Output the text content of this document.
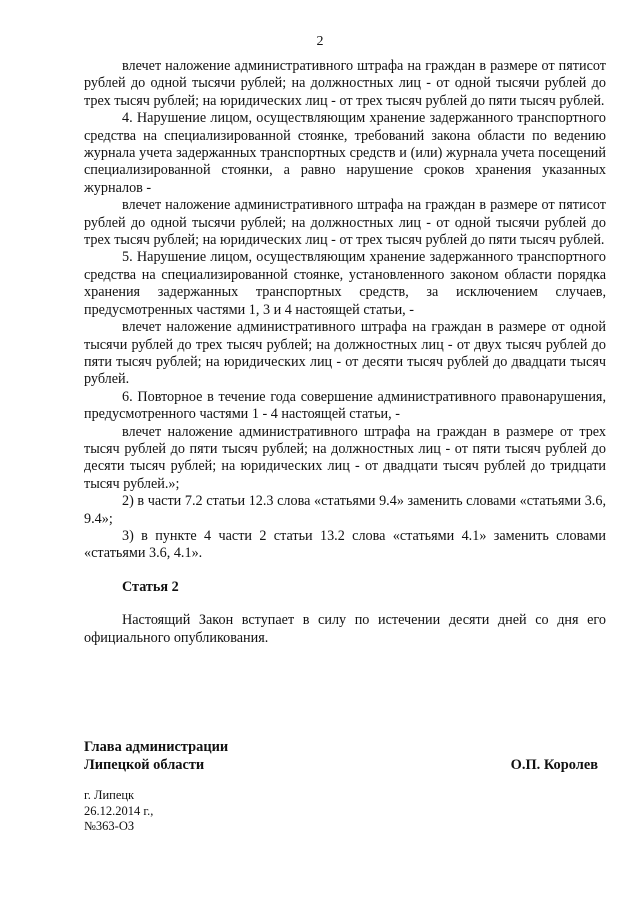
2

влечет наложение административного штрафа на граждан в размере от пятисот рублей до одной тысячи рублей; на должностных лиц - от одной тысячи рублей до трех тысяч рублей; на юридических лиц - от трех тысяч рублей до пяти тысяч рублей.

4. Нарушение лицом, осуществляющим хранение задержанного транспортного средства на специализированной стоянке, требований закона области по ведению журнала учета задержанных транспортных средств и (или) журнала учета посещений специализированной стоянки, а равно нарушение сроков хранения указанных журналов -

влечет наложение административного штрафа на граждан в размере от пятисот рублей до одной тысячи рублей; на должностных лиц - от одной тысячи рублей до трех тысяч рублей; на юридических лиц - от трех тысяч рублей до пяти тысяч рублей.

5. Нарушение лицом, осуществляющим хранение задержанного транспортного средства на специализированной стоянке, установленного законом области порядка хранения задержанных транспортных средств, за исключением случаев, предусмотренных частями 1, 3 и 4 настоящей статьи, -

влечет наложение административного штрафа на граждан в размере от одной тысячи рублей до трех тысяч рублей; на должностных лиц - от двух тысяч рублей до пяти тысяч рублей; на юридических лиц - от десяти тысяч рублей до двадцати тысяч рублей.

6. Повторное в течение года совершение административного правонарушения, предусмотренного частями 1 - 4 настоящей статьи, -

влечет наложение административного штрафа на граждан в размере от трех тысяч рублей до пяти тысяч рублей; на должностных лиц - от пяти тысяч рублей до десяти тысяч рублей; на юридических лиц - от двадцати тысяч рублей до тридцати тысяч рублей.»;

2) в части 7.2 статьи 12.3 слова «статьями 9.4» заменить словами «статьями 3.6, 9.4»;

3) в пункте 4 части 2 статьи 13.2 слова «статьями 4.1» заменить словами «статьями 3.6, 4.1».

Статья 2

Настоящий Закон вступает в силу по истечении десяти дней со дня его официального опубликования.

Глава администрации
Липецкой области	О.П. Королев
г. Липецк
26.12.2014 г.,
№363-ОЗ
